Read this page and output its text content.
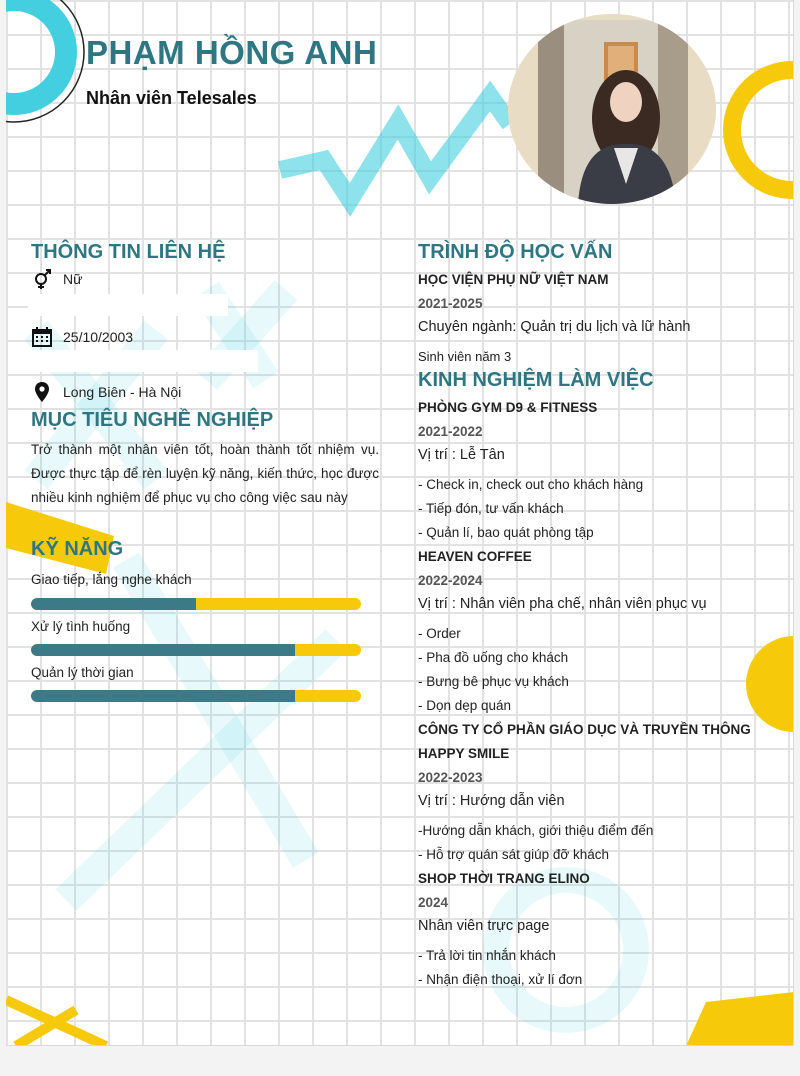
PHẠM HỒNG ANH
Nhân viên Telesales
THÔNG TIN LIÊN HỆ
Nữ
25/10/2003
Long Biên - Hà Nội
MỤC TIÊU NGHỀ NGHIỆP
Trở thành một nhân viên tốt, hoàn thành tốt nhiệm vụ. Được thực tập để rèn luyện kỹ năng, kiến thức, học được nhiều kinh nghiệm để phục vụ cho công việc sau này
KỸ NĂNG
Giao tiếp, lắng nghe khách
Xử lý tình huống
Quản lý thời gian
TRÌNH ĐỘ HỌC VẤN
HỌC VIỆN PHỤ NỮ VIỆT NAM
2021-2025
Chuyên ngành: Quản trị du lịch và lữ hành
Sinh viên năm 3
KINH NGHIỆM LÀM VIỆC
PHÒNG GYM D9 & FITNESS
2021-2022
Vị trí : Lễ Tân
- Check in, check out cho khách hàng
- Tiếp đón, tư vấn khách
- Quản lí, bao quát phòng tập
HEAVEN COFFEE
2022-2024
Vị trí : Nhân viên pha chế, nhân viên phục vụ
- Order
- Pha đồ uống cho khách
- Bưng bê phục vụ khách
- Dọn dẹp quán
CÔNG TY CỔ PHẦN GIÁO DỤC VÀ TRUYỀN THÔNG
HAPPY SMILE
2022-2023
Vị trí : Hướng dẫn viên
-Hướng dẫn khách, giới thiệu điểm đến
- Hỗ trợ quán sát giúp đỡ khách
SHOP THỜI TRANG ELINO
2024
Nhân viên trực page
- Trả lời tin nhắn khách
- Nhận điện thoại, xử lí đơn
